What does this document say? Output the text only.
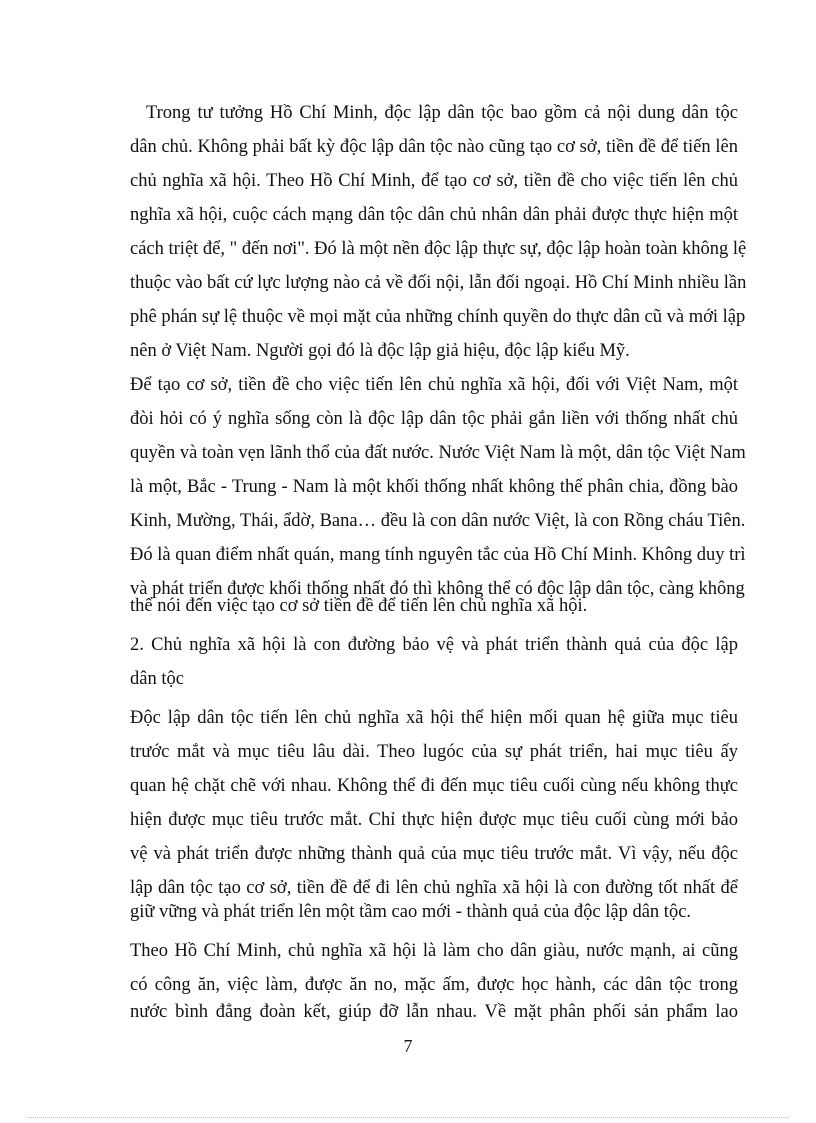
Trong tư tưởng Hồ Chí Minh, độc lập dân tộc bao gồm cả nội dung dân tộc
dân chủ. Không phải bất kỳ độc lập dân tộc nào cũng tạo cơ sở, tiền đề để tiến lên
chủ nghĩa xã hội. Theo Hồ Chí Minh, để tạo cơ sở, tiền đề cho việc tiến lên chủ
nghĩa xã hội, cuộc cách mạng dân tộc dân chủ nhân dân phải được thực hiện một
cách triệt để, " đến nơi". Đó là một nền độc lập thực sự, độc lập hoàn toàn không lệ
thuộc vào bất cứ lực lượng nào cả về đối nội, lẫn đối ngoại. Hồ Chí Minh nhiều lần
phê phán sự lệ thuộc về mọi mặt của những chính quyền do thực dân cũ và mới lập
nên ở Việt Nam. Người gọi đó là độc lập giả hiệu, độc lập kiểu Mỹ.
Để tạo cơ sở, tiền đề cho việc tiến lên chủ nghĩa xã hội, đối với Việt Nam, một
đòi hỏi có ý nghĩa sống còn là độc lập dân tộc phải gắn liền với thống nhất chủ
quyền và toàn vẹn lãnh thổ của đất nước. Nước Việt Nam là một, dân tộc Việt Nam
là một, Bắc - Trung - Nam là một khối thống nhất không thể phân chia, đồng bào
Kinh, Mường, Thái, ẩdờ, Bana… đều là con dân nước Việt, là con Rồng cháu Tiên.
Đó là quan điểm nhất quán, mang tính nguyên tắc của Hồ Chí Minh. Không duy trì
và phát triển được khối thống nhất đó thì không thể có độc lập dân tộc, càng không
thể nói đến việc tạo cơ sở tiền đề để tiến lên chủ nghĩa xã hội.
2. Chủ nghĩa xã hội là con đường bảo vệ và phát triển thành quả của độc lập
dân tộc
Độc lập dân tộc tiến lên chủ nghĩa xã hội thể hiện mối quan hệ giữa mục tiêu
trước mắt và mục tiêu lâu dài. Theo lugóc của sự phát triển, hai mục tiêu ấy
quan hệ chặt chẽ với nhau. Không thể đi đến mục tiêu cuối cùng nếu không thực
hiện được mục tiêu trước mắt. Chỉ thực hiện được mục tiêu cuối cùng mới bảo
vệ và phát triển được những thành quả của mục tiêu trước mắt. Vì vậy, nếu độc
lập dân tộc tạo cơ sở, tiền đề để đi lên chủ nghĩa xã hội là con đường tốt nhất để
giữ vững và phát triển lên một tầm cao mới - thành quả của độc lập dân tộc.
Theo Hồ Chí Minh, chủ nghĩa xã hội là làm cho dân giàu, nước mạnh, ai cũng
có công ăn, việc làm, được ăn no, mặc ấm, được học hành, các dân tộc trong
nước bình đẳng đoàn kết, giúp đỡ lẫn nhau. Về mặt phân phối sản phẩm lao
7
